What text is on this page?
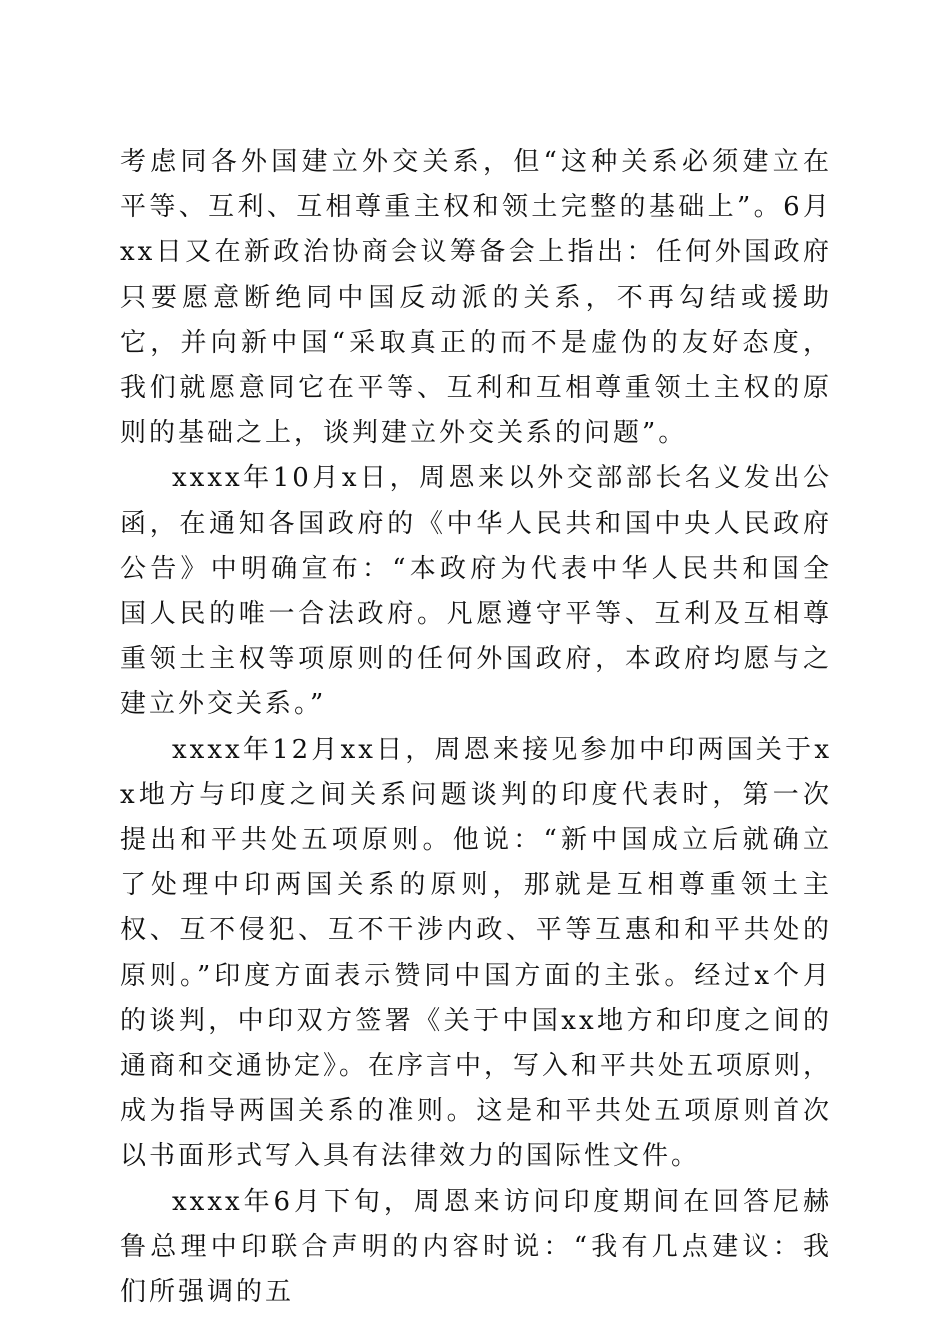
考虑同各外国建立外交关系，但“这种关系必须建立在平等、互利、互相尊重主权和领土完整的基础上”。6月xx日又在新政治协商会议筹备会上指出：任何外国政府只要愿意断绝同中国反动派的关系，不再勾结或援助它，并向新中国“采取真正的而不是虚伪的友好态度，我们就愿意同它在平等、互利和互相尊重领土主权的原则的基础之上，谈判建立外交关系的问题”。

xxxx年10月x日，周恩来以外交部部长名义发出公函，在通知各国政府的《中华人民共和国中央人民政府公告》中明确宣布：“本政府为代表中华人民共和国全国人民的唯一合法政府。凡愿遵守平等、互利及互相尊重领土主权等项原则的任何外国政府，本政府均愿与之建立外交关系。”

xxxx年12月xx日，周恩来接见参加中印两国关于xx地方与印度之间关系问题谈判的印度代表时，第一次提出和平共处五项原则。他说：“新中国成立后就确立了处理中印两国关系的原则，那就是互相尊重领土主权、互不侵犯、互不干涉内政、平等互惠和和平共处的原则。”印度方面表示赞同中国方面的主张。经过x个月的谈判，中印双方签署《关于中国xx地方和印度之间的通商和交通协定》。在序言中，写入和平共处五项原则，成为指导两国关系的准则。这是和平共处五项原则首次以书面形式写入具有法律效力的国际性文件。

xxxx年6月下旬，周恩来访问印度期间在回答尼赫鲁总理中印联合声明的内容时说：“我有几点建议：我们所强调的五
